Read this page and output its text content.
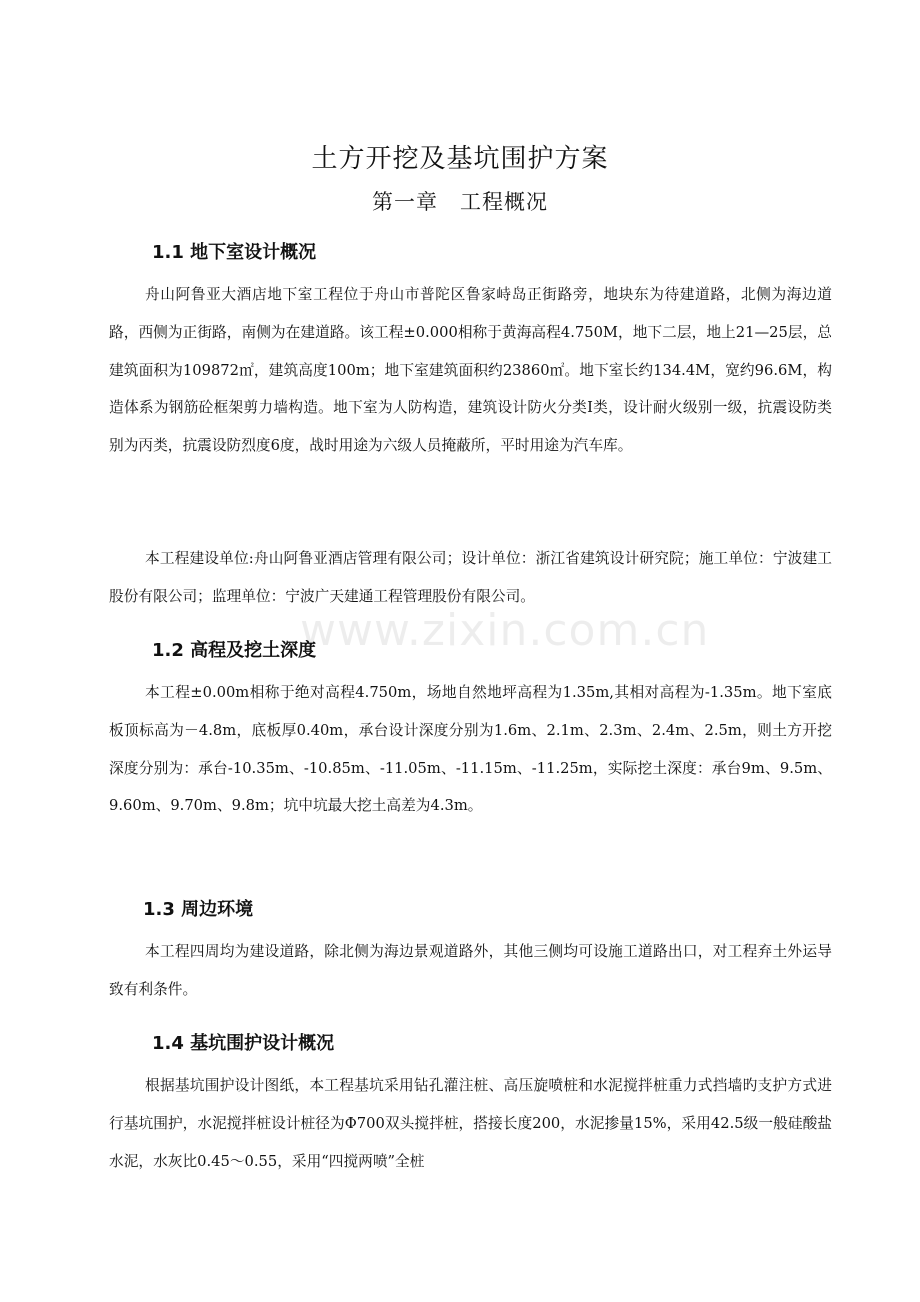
土方开挖及基坑围护方案
第一章　工程概况
www.zixin.com.cn
1.1 地下室设计概况
舟山阿鲁亚大酒店地下室工程位于舟山市普陀区鲁家峙岛正街路旁，地块东为待建道路，北侧为海边道路，西侧为正街路，南侧为在建道路。该工程±0.000相称于黄海高程4.750M，地下二层，地上21—25层，总建筑面积为109872㎡，建筑高度100m；地下室建筑面积约23860㎡。地下室长约134.4M，宽约96.6M，构造体系为钢筋砼框架剪力墙构造。地下室为人防构造，建筑设计防火分类Ⅰ类，设计耐火级别一级，抗震设防类别为丙类，抗震设防烈度6度，战时用途为六级人员掩蔽所，平时用途为汽车库。
本工程建设单位:舟山阿鲁亚酒店管理有限公司；设计单位：浙江省建筑设计研究院；施工单位：宁波建工股份有限公司；监理单位：宁波广天建通工程管理股份有限公司。
1.2 高程及挖土深度
本工程±0.00m相称于绝对高程4.750m，场地自然地坪高程为1.35m,其相对高程为-1.35m。地下室底板顶标高为－4.8m，底板厚0.40m，承台设计深度分别为1.6m、2.1m、2.3m、2.4m、2.5m，则土方开挖深度分别为：承台-10.35m、-10.85m、-11.05m、-11.15m、-11.25m，实际挖土深度：承台9m、9.5m、9.60m、9.70m、9.8m；坑中坑最大挖土高差为4.3m。
1.3 周边环境
本工程四周均为建设道路，除北侧为海边景观道路外，其他三侧均可设施工道路出口，对工程弃土外运导致有利条件。
1.4 基坑围护设计概况
根据基坑围护设计图纸，本工程基坑采用钻孔灌注桩、高压旋喷桩和水泥搅拌桩重力式挡墙旳支护方式进行基坑围护，水泥搅拌桩设计桩径为Φ700双头搅拌桩，搭接长度200，水泥掺量15%，采用42.5级一般硅酸盐水泥，水灰比0.45～0.55，采用“四搅两喷”全桩
